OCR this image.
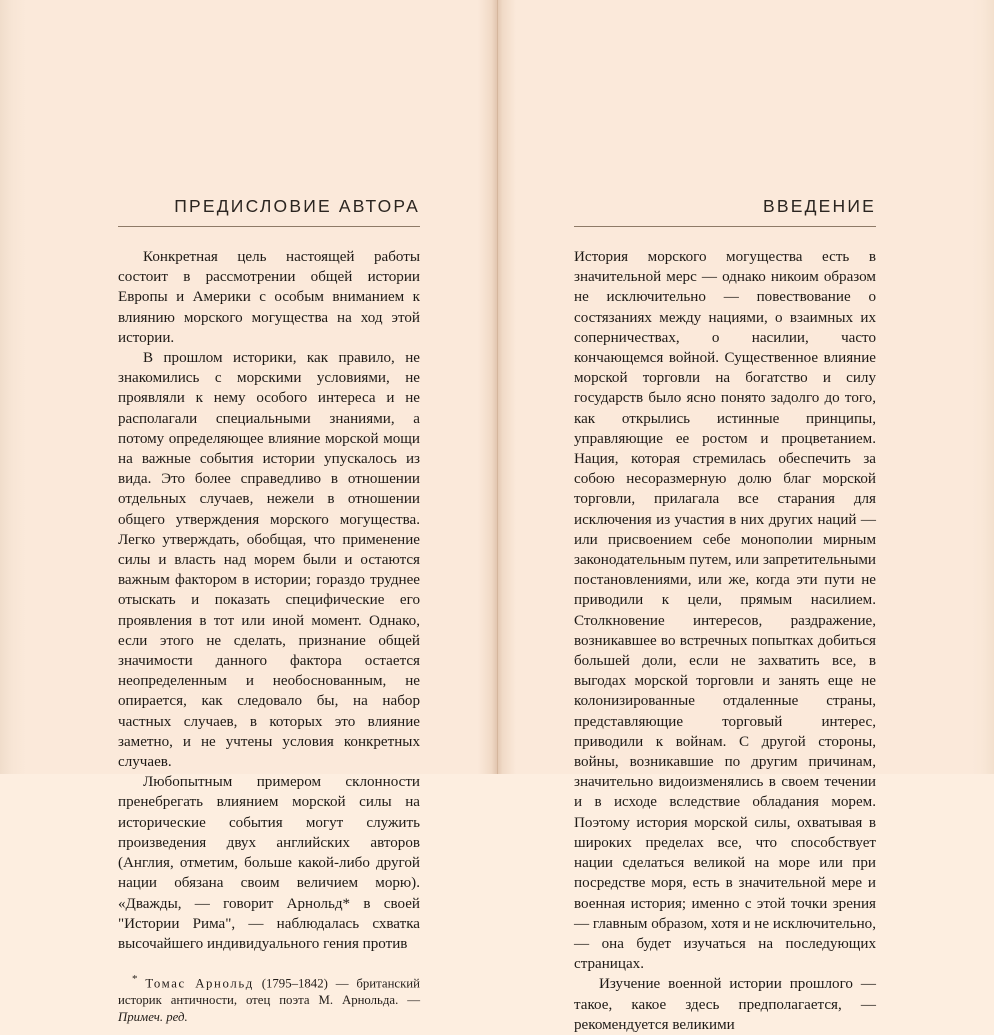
ПРЕДИСЛОВИЕ АВТОРА

Конкретная цель настоящей работы состоит в рассмотрении общей истории Европы и Америки с особым вниманием к влиянию морского могущества на ход этой истории.

В прошлом историки, как правило, не знакомились с морскими условиями, не проявляли к нему особого интереса и не располагали специальными знаниями, а потому определяющее влияние морской мощи на важные события истории упускалось из вида. Это более справедливо в отношении отдельных случаев, нежели в отношении общего утверждения морского могущества. Легко утверждать, обобщая, что применение силы и власть над морем были и остаются важным фактором в истории; гораздо труднее отыскать и показать специфические его проявления в тот или иной момент. Однако, если этого не сделать, признание общей значимости данного фактора остается неопределенным и необоснованным, не опирается, как следовало бы, на набор частных случаев, в которых это влияние заметно, и не учтены условия конкретных случаев.

Любопытным примером склонности пренебрегать влиянием морской силы на исторические события могут служить произведения двух английских авторов (Англия, отметим, больше какой-либо другой нации обязана своим величием морю). «Дважды, — говорит Арнольд* в своей "Истории Рима", — наблюдалась схватка высочайшего индивидуального гения против

* Томас Арнольд (1795–1842) — британский историк античности, отец поэта М. Арнольда. — Примеч. ред.

ВВЕДЕНИЕ

История морского могущества есть в значительной мерс — однако никоим образом не исключительно — повествование о состязаниях между нациями, о взаимных их соперничествах, о насилии, часто кончающемся войной. Существенное влияние морской торговли на богатство и силу государств было ясно понято задолго до того, как открылись истинные принципы, управляющие ее ростом и процветанием. Нация, которая стремилась обеспечить за собою несоразмерную долю благ морской торговли, прилагала все старания для исключения из участия в них других наций — или присвоением себе монополии мирным законодательным путем, или запретительными постановлениями, или же, когда эти пути не приводили к цели, прямым насилием. Столкновение интересов, раздражение, возникавшее во встречных попытках добиться большей доли, если не захватить все, в выгодах морской торговли и занять еще не колонизированные отдаленные страны, представляющие торговый интерес, приводили к войнам. С другой стороны, войны, возникавшие по другим причинам, значительно видоизменялись в своем течении и в исходе вследствие обладания морем. Поэтому история морской силы, охватывая в широких пределах все, что способствует нации сделаться великой на море или при посредстве моря, есть в значительной мере и военная история; именно с этой точки зрения — главным образом, хотя и не исключительно, — она будет изучаться на последующих страницах.

Изучение военной истории прошлого — такое, какое здесь предполагается, — рекомендуется великими
